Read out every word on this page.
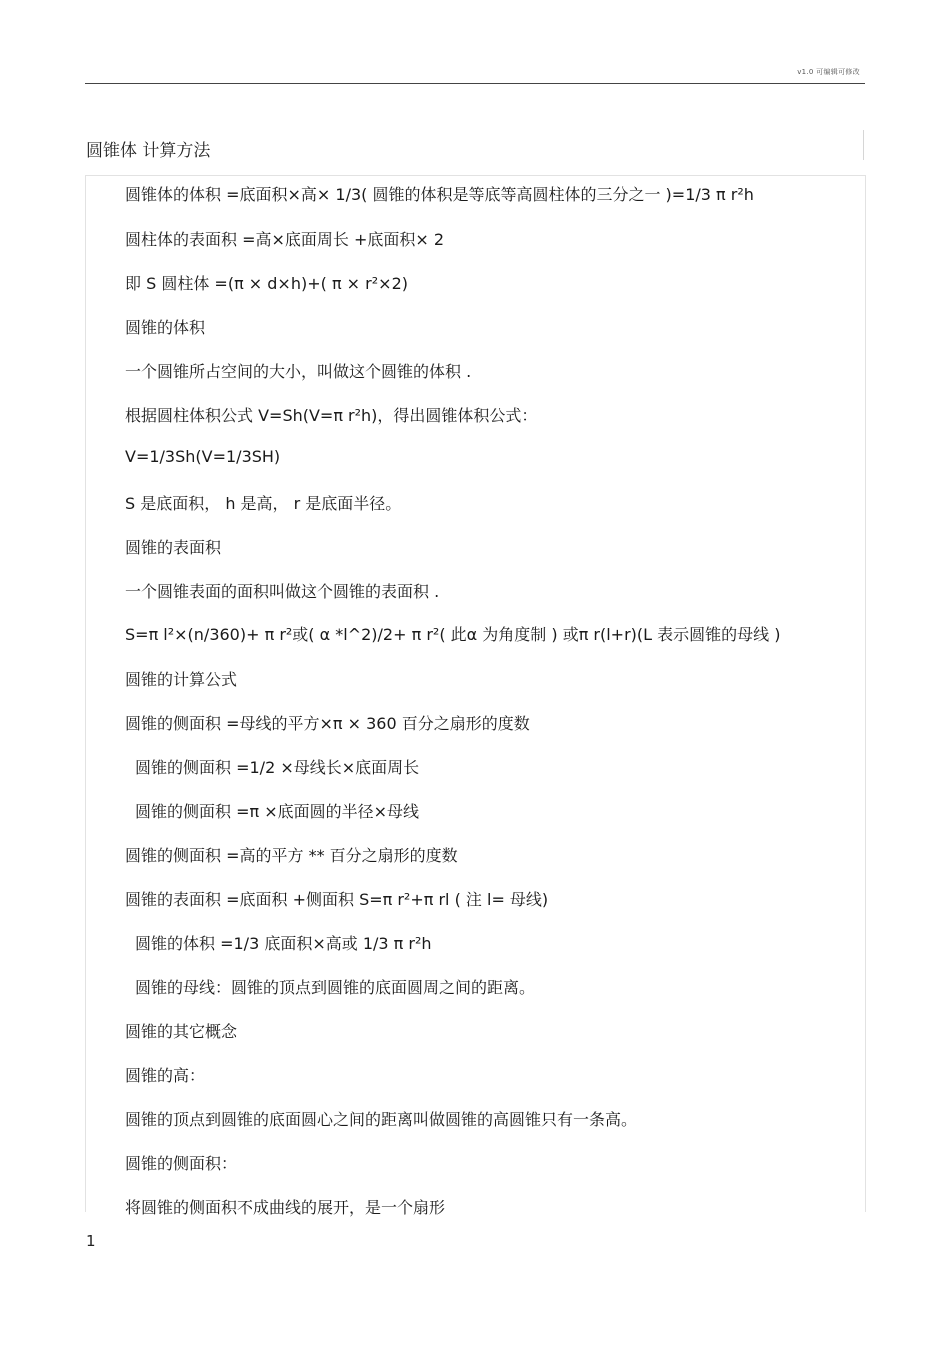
v1.0 可编辑可修改
圆锥体 计算方法
圆锥体的体积 =底面积×高× 1/3( 圆锥的体积是等底等高圆柱体的三分之一 )=1/3 π r²h
圆柱体的表面积 =高×底面周长 +底面积× 2
即 S 圆柱体 =(π × d×h)+( π × r²×2)
圆锥的体积
一个圆锥所占空间的大小，叫做这个圆锥的体积 .
根据圆柱体积公式 V=Sh(V=π r²h)，得出圆锥体积公式：
V=1/3Sh(V=1/3SH)
S 是底面积， h 是高， r 是底面半径。
圆锥的表面积
一个圆锥表面的面积叫做这个圆锥的表面积 .
S=π l²×(n/360)+ π r²或( α *l^2)/2+ π r²( 此α 为角度制 ) 或π r(l+r)(L 表示圆锥的母线 )
圆锥的计算公式
圆锥的侧面积 =母线的平方×π × 360 百分之扇形的度数
圆锥的侧面积 =1/2 ×母线长×底面周长
圆锥的侧面积 =π ×底面圆的半径×母线
圆锥的侧面积 =高的平方 ** 百分之扇形的度数
圆锥的表面积 =底面积 +侧面积 S=π r²+π rl ( 注 l= 母线)
圆锥的体积 =1/3 底面积×高或 1/3 π r²h
圆锥的母线：圆锥的顶点到圆锥的底面圆周之间的距离。
圆锥的其它概念
圆锥的高：
圆锥的顶点到圆锥的底面圆心之间的距离叫做圆锥的高圆锥只有一条高。
圆锥的侧面积：
将圆锥的侧面积不成曲线的展开，是一个扇形
1
